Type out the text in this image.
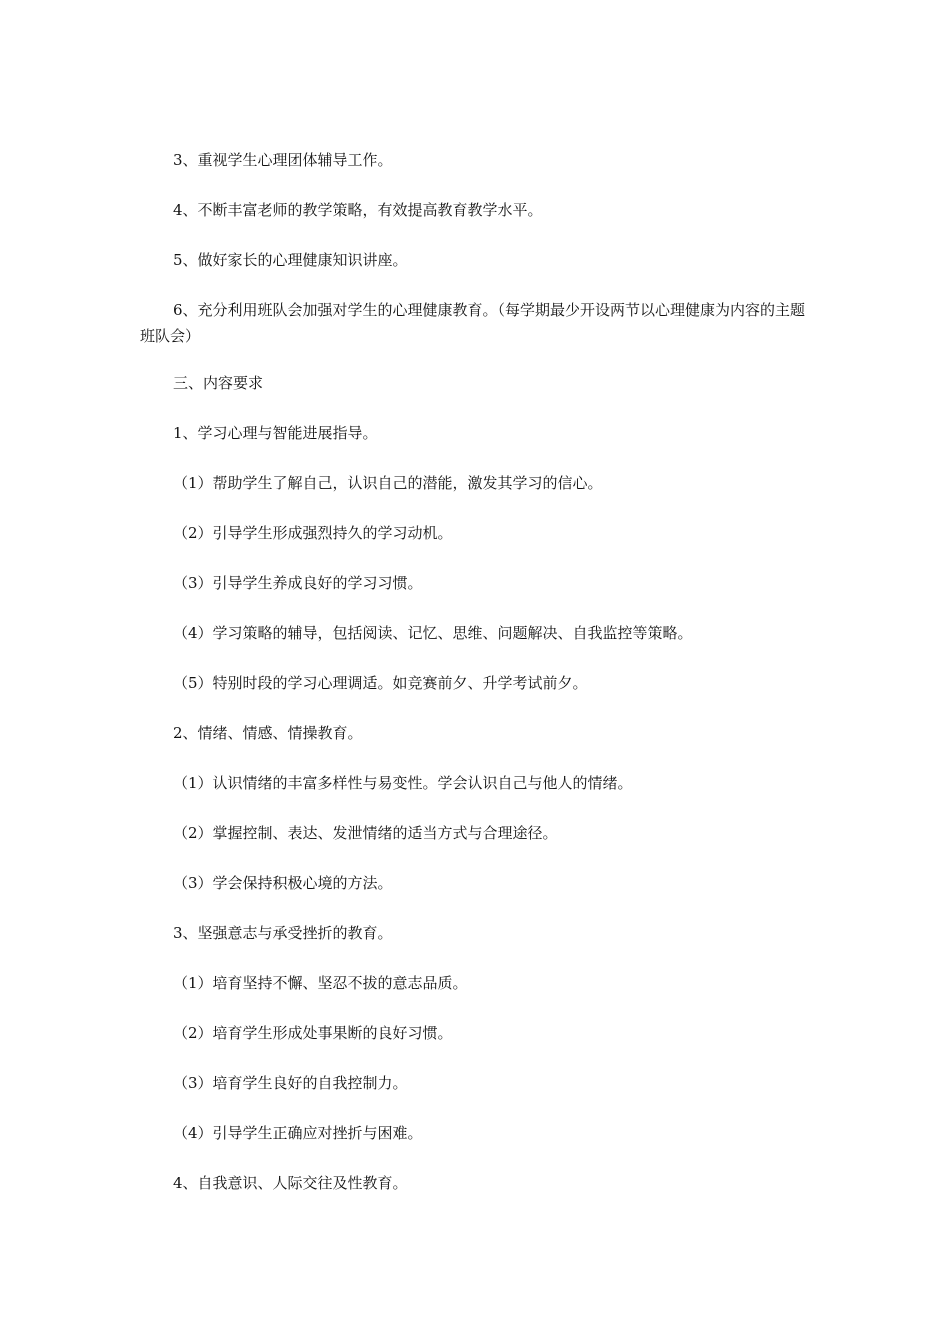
3、重视学生心理团体辅导工作。

4、不断丰富老师的教学策略，有效提高教育教学水平。

5、做好家长的心理健康知识讲座。

6、充分利用班队会加强对学生的心理健康教育。（每学期最少开设两节以心理健康为内容的主题班队会）

三、内容要求

1、学习心理与智能进展指导。

（1）帮助学生了解自己，认识自己的潜能，激发其学习的信心。

（2）引导学生形成强烈持久的学习动机。

（3）引导学生养成良好的学习习惯。

（4）学习策略的辅导，包括阅读、记忆、思维、问题解决、自我监控等策略。

（5）特别时段的学习心理调适。如竞赛前夕、升学考试前夕。

2、情绪、情感、情操教育。

（1）认识情绪的丰富多样性与易变性。学会认识自己与他人的情绪。

（2）掌握控制、表达、发泄情绪的适当方式与合理途径。

（3）学会保持积极心境的方法。

3、坚强意志与承受挫折的教育。

（1）培育坚持不懈、坚忍不拔的意志品质。

（2）培育学生形成处事果断的良好习惯。

（3）培育学生良好的自我控制力。

（4）引导学生正确应对挫折与困难。

4、自我意识、人际交往及性教育。
